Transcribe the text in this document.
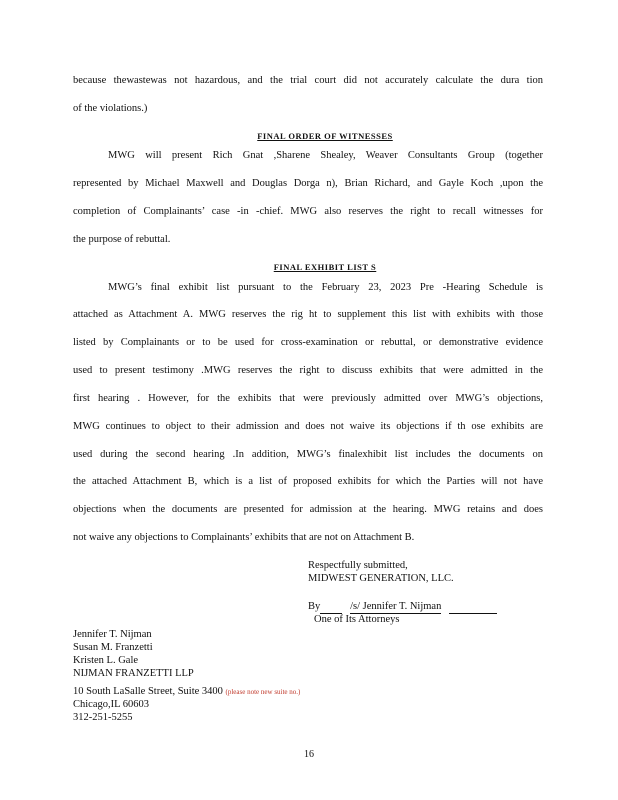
because thewastewas not hazardous, and the trial court did not accurately calculate the dura tion
of the violations.)
FINAL ORDER OF WITNESSES
MWG will present Rich Gnat ,Sharene Shealey, Weaver Consultants Group (together
represented by Michael Maxwell and Douglas Dorga n), Brian Richard, and Gayle Koch ,upon the
completion of Complainants’ case -in -chief. MWG also reserves the right to recall witnesses for
the purpose of rebuttal.
FINAL EXHIBIT LIST S
MWG’s final exhibit list pursuant to the February 23, 2023 Pre -Hearing Schedule is
attached as Attachment A. MWG reserves the rig ht to supplement this list with exhibits with those
listed by Complainants or to be used for cross-examination or rebuttal, or demonstrative evidence
used to present testimony .MWG reserves the right to discuss exhibits that were admitted in the
first hearing . However, for the exhibits that were previously admitted over MWG’s objections,
MWG continues to object to their admission and does not waive its objections if th ose exhibits are
used during the second hearing .In addition, MWG’s finalexhibit list includes the documents on
the attached Attachment B, which is a list of proposed exhibits for which the Parties will not have
objections when the documents are presented for admission at the hearing. MWG retains and does
not waive any objections to Complainants’ exhibits that are not on Attachment B.
Respectfully submitted,
MIDWEST GENERATION, LLC.
By	/s/ Jennifer T. Nijman
One of Its Attorneys
Jennifer T. Nijman
Susan M. Franzetti
Kristen L. Gale
NIJMAN FRANZETTI LLP
10 South LaSalle Street, Suite 3400 (please note new suite no.)
Chicago,IL 60603
312-251-5255
16
